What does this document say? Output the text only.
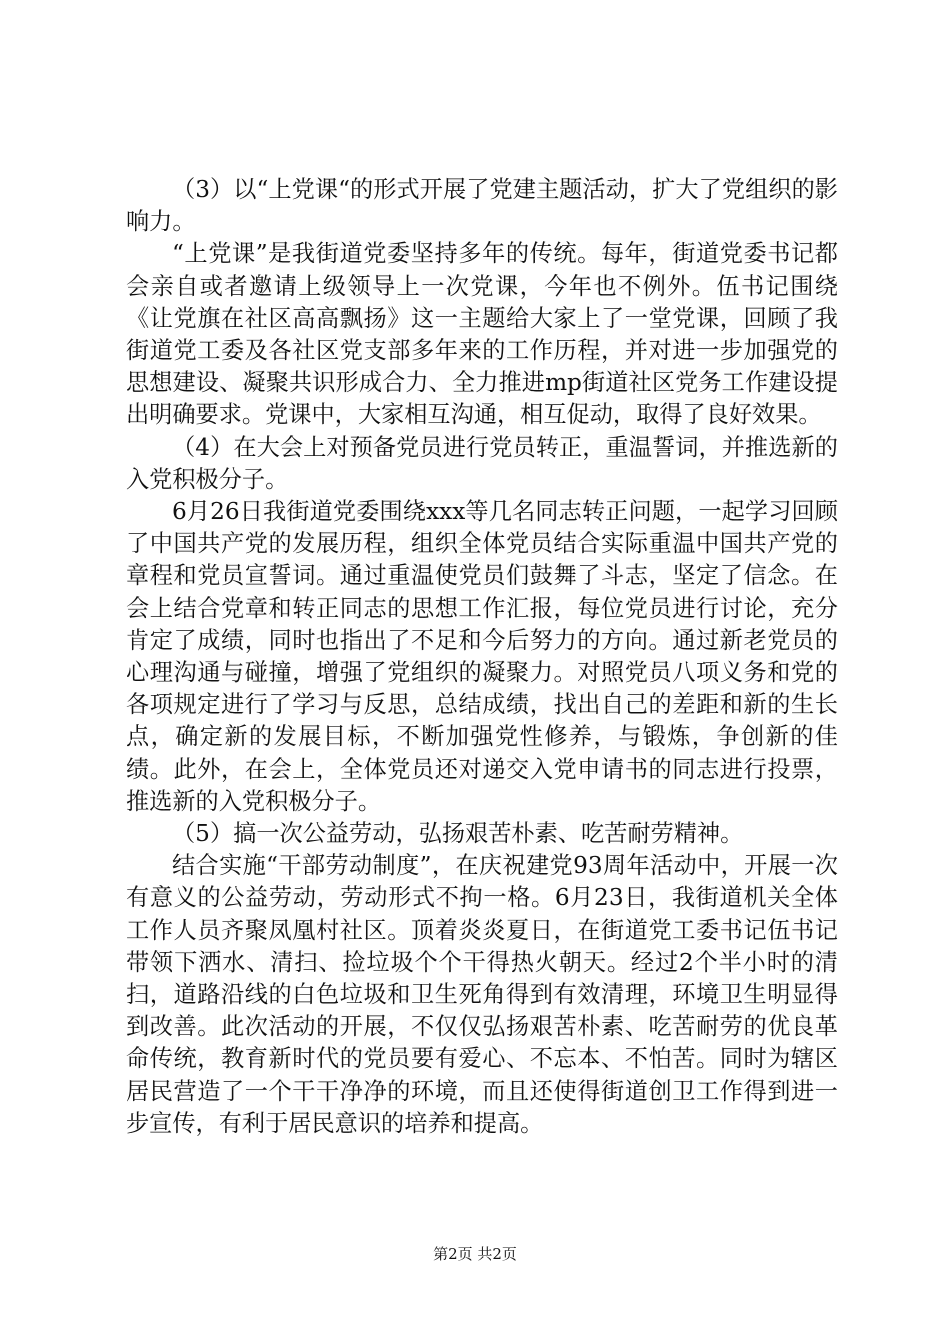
（3）以“上党课“的形式开展了党建主题活动，扩大了党组织的影响力。

“上党课”是我街道党委坚持多年的传统。每年，街道党委书记都会亲自或者邀请上级领导上一次党课，今年也不例外。伍书记围绕《让党旗在社区高高飘扬》这一主题给大家上了一堂党课，回顾了我街道党工委及各社区党支部多年来的工作历程，并对进一步加强党的思想建设、凝聚共识形成合力、全力推进mp街道社区党务工作建设提出明确要求。党课中，大家相互沟通，相互促动，取得了良好效果。

（4）在大会上对预备党员进行党员转正，重温誓词，并推选新的入党积极分子。

6月26日我街道党委围绕xxx等几名同志转正问题，一起学习回顾了中国共产党的发展历程，组织全体党员结合实际重温中国共产党的章程和党员宣誓词。通过重温使党员们鼓舞了斗志，坚定了信念。在会上结合党章和转正同志的思想工作汇报，每位党员进行讨论，充分肯定了成绩，同时也指出了不足和今后努力的方向。通过新老党员的心理沟通与碰撞，增强了党组织的凝聚力。对照党员八项义务和党的各项规定进行了学习与反思，总结成绩，找出自己的差距和新的生长点，确定新的发展目标，不断加强党性修养，与锻炼，争创新的佳绩。此外，在会上，全体党员还对递交入党申请书的同志进行投票，推选新的入党积极分子。

（5）搞一次公益劳动，弘扬艰苦朴素、吃苦耐劳精神。

结合实施“干部劳动制度”，在庆祝建党93周年活动中，开展一次有意义的公益劳动，劳动形式不拘一格。6月23日，我街道机关全体工作人员齐聚凤凰村社区。顶着炎炎夏日，在街道党工委书记伍书记带领下洒水、清扫、捡垃圾个个干得热火朝天。经过2个半小时的清扫，道路沿线的白色垃圾和卫生死角得到有效清理，环境卫生明显得到改善。此次活动的开展，不仅仅弘扬艰苦朴素、吃苦耐劳的优良革命传统，教育新时代的党员要有爱心、不忘本、不怕苦。同时为辖区居民营造了一个干干净净的环境，而且还使得街道创卫工作得到进一步宣传，有利于居民意识的培养和提高。

第2页 共2页
